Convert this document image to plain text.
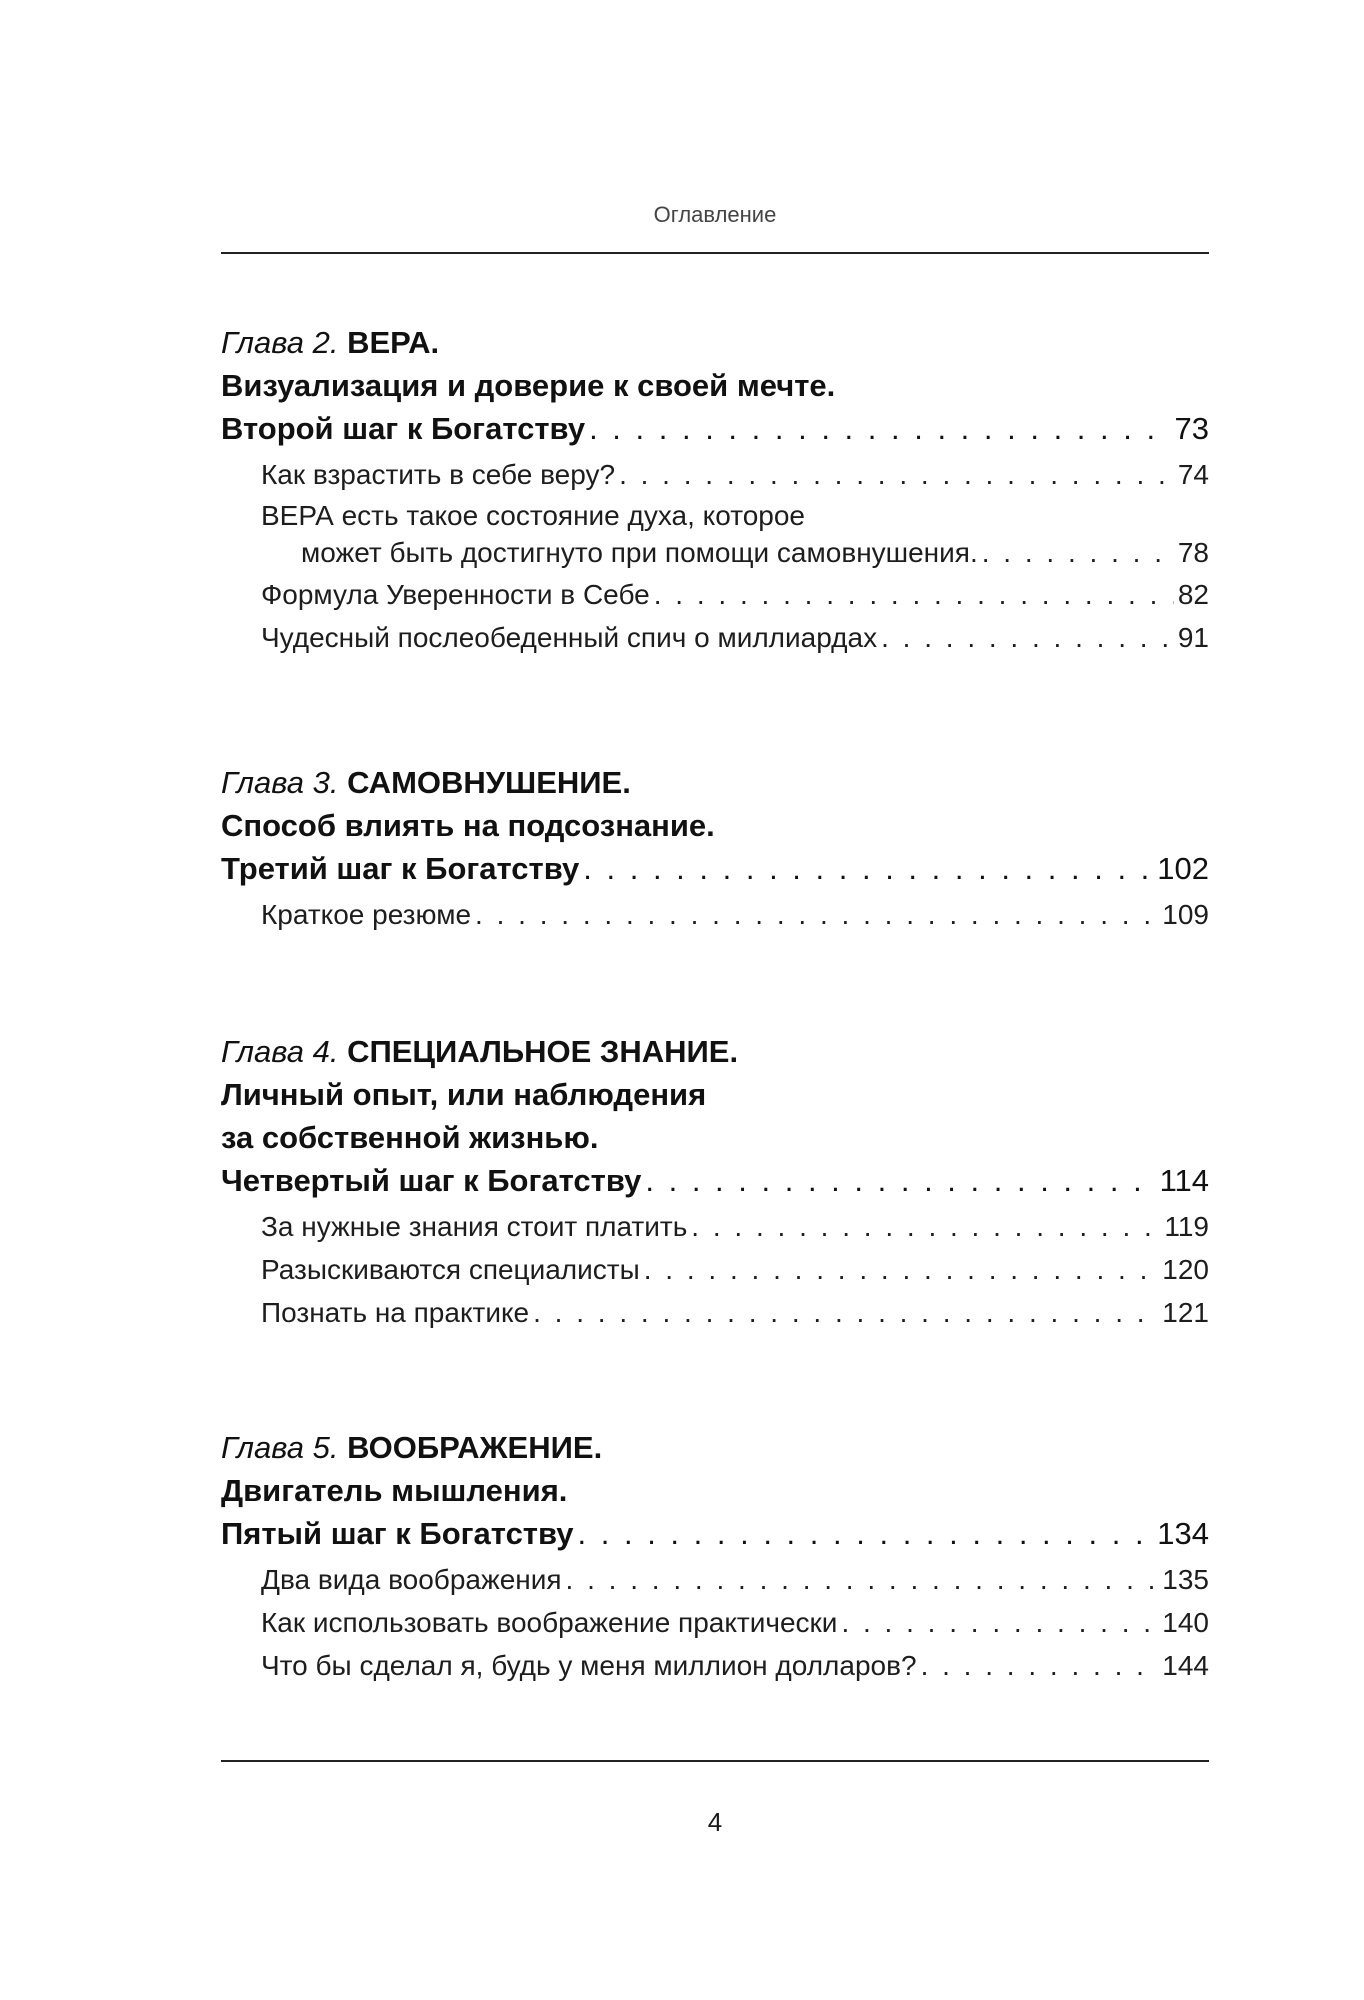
Оглавление
Глава 2. ВЕРА.
Визуализация и доверие к своей мечте.
Второй шаг к Богатству . . .	73
Как взрастить в себе веру? . . .	74
ВЕРА есть такое состояние духа, которое
может быть достигнуто при помощи самовнушения. . . .	78
Формула Уверенности в Себе . . .	82
Чудесный послеобеденный спич о миллиардах . . .	91
Глава 3. САМОВНУШЕНИЕ.
Способ влиять на подсознание.
Третий шаг к Богатству . . .	102
Краткое резюме . . .	109
Глава 4. СПЕЦИАЛЬНОЕ ЗНАНИЕ.
Личный опыт, или наблюдения
за собственной жизнью.
Четвертый шаг к Богатству . . .	114
За нужные знания стоит платить . . .	119
Разыскиваются специалисты . . .	120
Познать на практике . . .	121
Глава 5. ВООБРАЖЕНИЕ.
Двигатель мышления.
Пятый шаг к Богатству . . .	134
Два вида воображения . . .	135
Как использовать воображение практически . . .	140
Что бы сделал я, будь у меня миллион долларов? . . .	144
4
